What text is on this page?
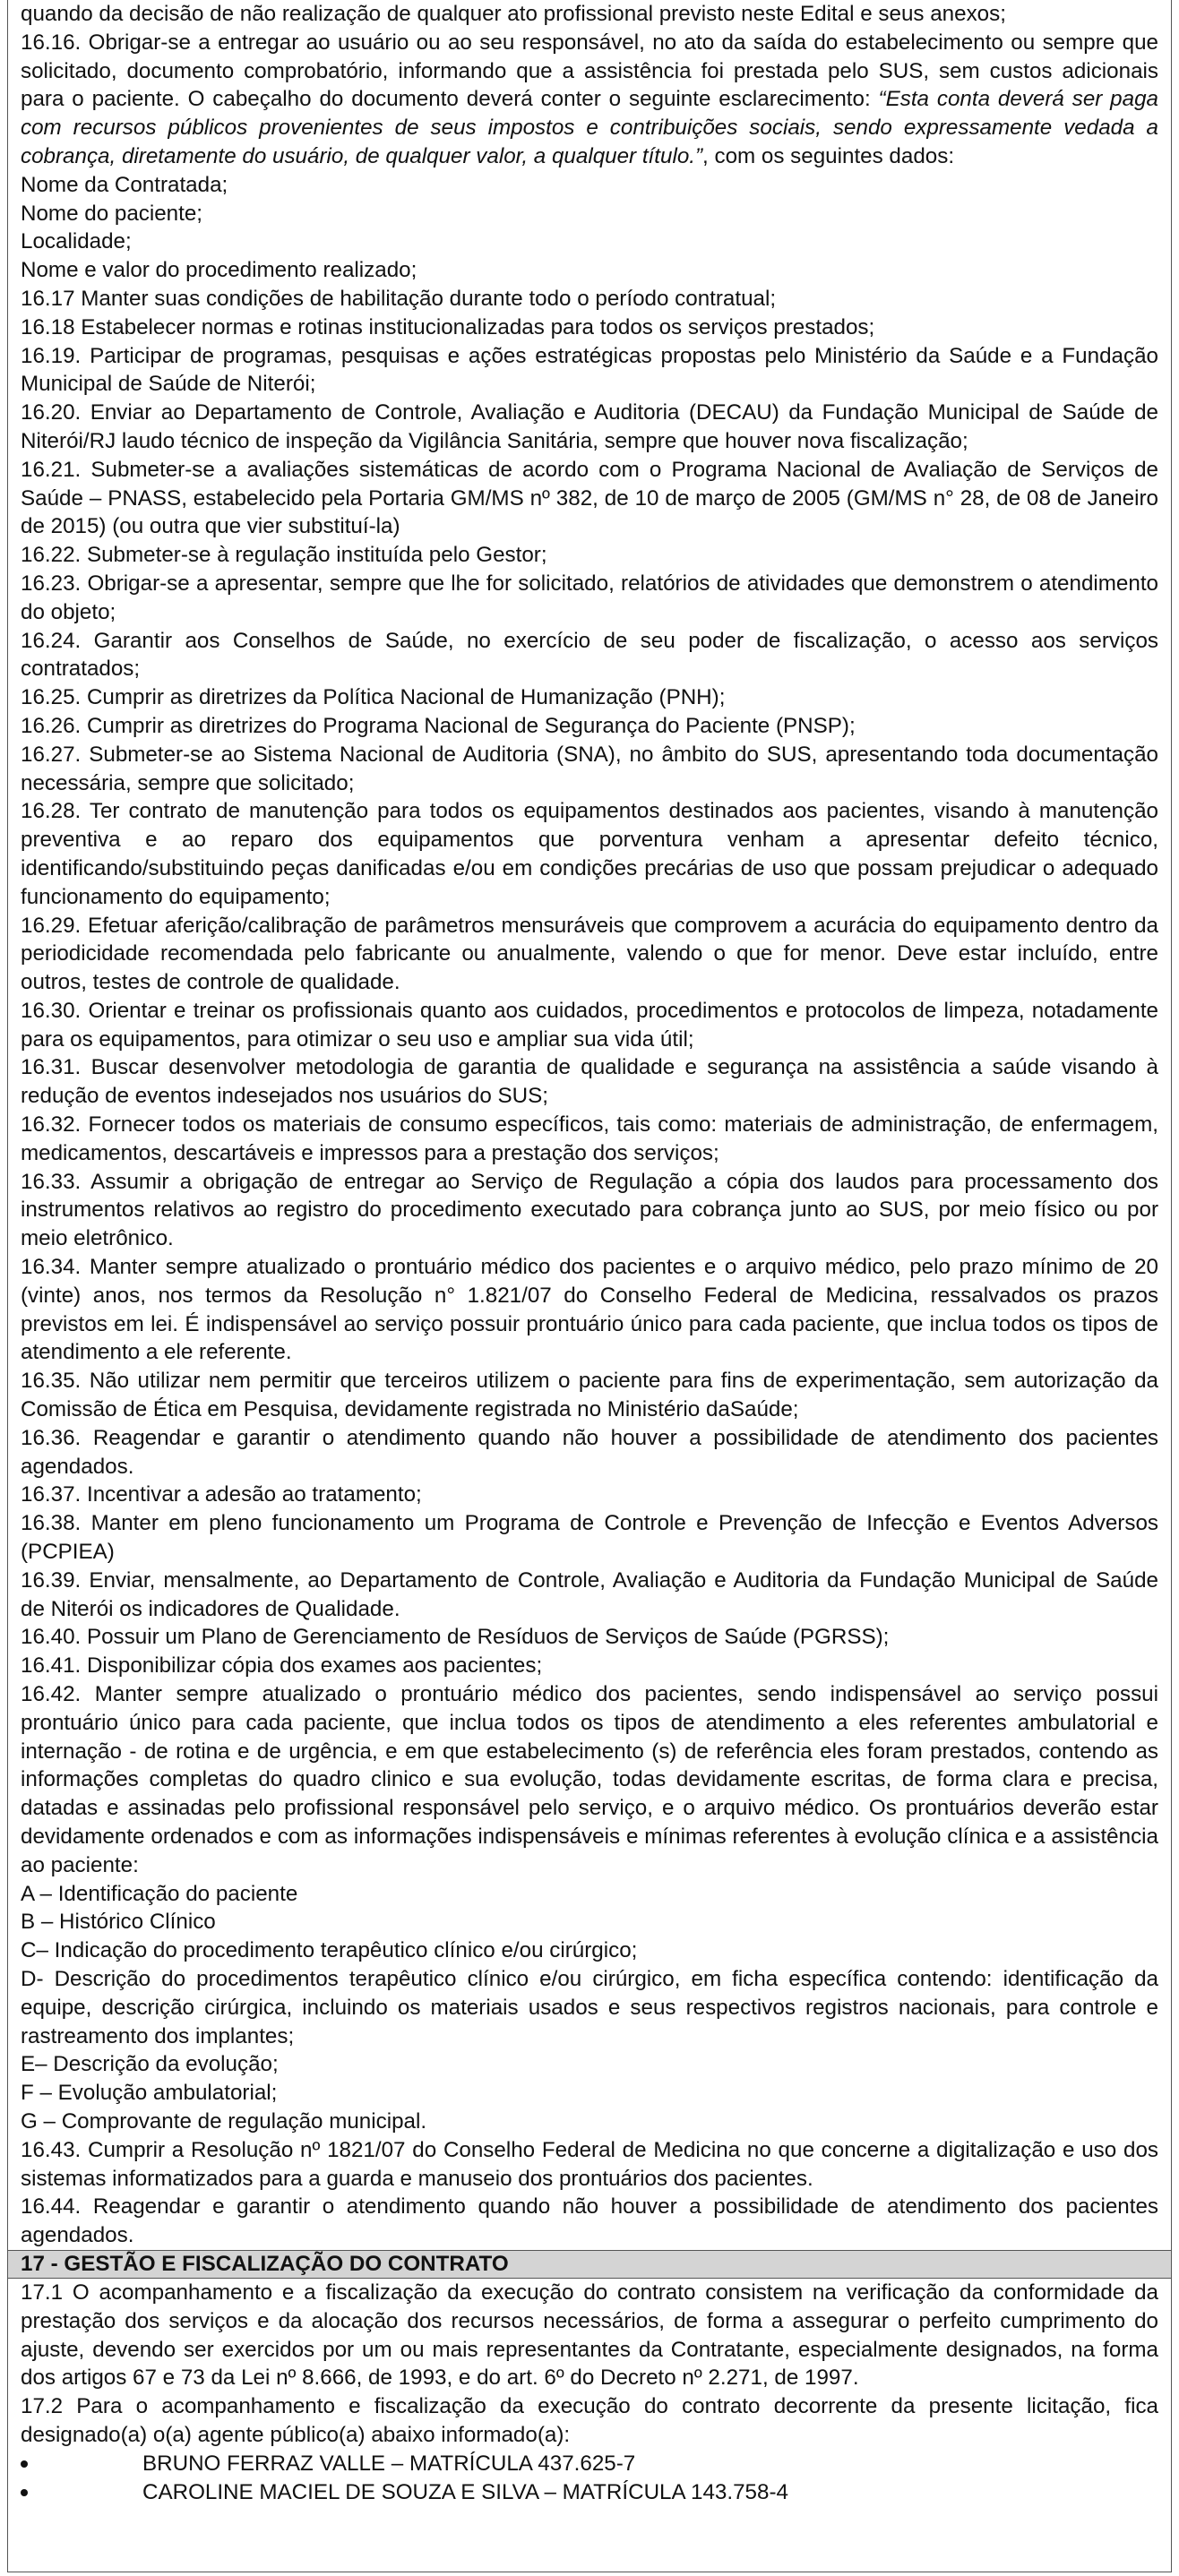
quando da decisão de não realização de qualquer ato profissional previsto neste Edital e seus anexos;

16.16. Obrigar-se a entregar ao usuário ou ao seu responsável, no ato da saída do estabelecimento ou sempre que solicitado, documento comprobatório, informando que a assistência foi prestada pelo SUS, sem custos adicionais para o paciente. O cabeçalho do documento deverá conter o seguinte esclarecimento: “Esta conta deverá ser paga com recursos públicos provenientes de seus impostos e contribuições sociais, sendo expressamente vedada a cobrança, diretamente do usuário, de qualquer valor, a qualquer título.”, com os seguintes dados:

Nome da Contratada;

Nome do paciente;

Localidade;

Nome e valor do procedimento realizado;

16.17 Manter suas condições de habilitação durante todo o período contratual;

16.18 Estabelecer normas e rotinas institucionalizadas para todos os serviços prestados;

16.19. Participar de programas, pesquisas e ações estratégicas propostas pelo Ministério da Saúde e a Fundação Municipal de Saúde de Niterói;

16.20. Enviar ao Departamento de Controle, Avaliação e Auditoria (DECAU) da Fundação Municipal de Saúde de Niterói/RJ laudo técnico de inspeção da Vigilância Sanitária, sempre que houver nova fiscalização;

16.21. Submeter-se a avaliações sistemáticas de acordo com o Programa Nacional de Avaliação de Serviços de Saúde – PNASS, estabelecido pela Portaria GM/MS nº 382, de 10 de março de 2005 (GM/MS n° 28, de 08 de Janeiro de 2015) (ou outra que vier substituí-la)

16.22. Submeter-se à regulação instituída pelo Gestor;

16.23. Obrigar-se a apresentar, sempre que lhe for solicitado, relatórios de atividades que demonstrem o atendimento do objeto;

16.24. Garantir aos Conselhos de Saúde, no exercício de seu poder de fiscalização, o acesso aos serviços contratados;

16.25. Cumprir as diretrizes da Política Nacional de Humanização (PNH);

16.26. Cumprir as diretrizes do Programa Nacional de Segurança do Paciente (PNSP);

16.27. Submeter-se ao Sistema Nacional de Auditoria (SNA), no âmbito do SUS, apresentando toda documentação necessária, sempre que solicitado;

16.28. Ter contrato de manutenção para todos os equipamentos destinados aos pacientes, visando à manutenção preventiva e ao reparo dos equipamentos que porventura venham a apresentar defeito técnico, identificando/substituindo peças danificadas e/ou em condições precárias de uso que possam prejudicar o adequado funcionamento do equipamento;

16.29. Efetuar aferição/calibração de parâmetros mensuráveis que comprovem a acurácia do equipamento dentro da periodicidade recomendada pelo fabricante ou anualmente, valendo o que for menor. Deve estar incluído, entre outros, testes de controle de qualidade.

16.30. Orientar e treinar os profissionais quanto aos cuidados, procedimentos e protocolos de limpeza, notadamente para os equipamentos, para otimizar o seu uso e ampliar sua vida útil;

16.31. Buscar desenvolver metodologia de garantia de qualidade e segurança na assistência a saúde visando à redução de eventos indesejados nos usuários do SUS;

16.32. Fornecer todos os materiais de consumo específicos, tais como: materiais de administração, de enfermagem, medicamentos, descartáveis e impressos para a prestação dos serviços;

16.33. Assumir a obrigação de entregar ao Serviço de Regulação a cópia dos laudos para processamento dos instrumentos relativos ao registro do procedimento executado para cobrança junto ao SUS, por meio físico ou por meio eletrônico.

16.34. Manter sempre atualizado o prontuário médico dos pacientes e o arquivo médico, pelo prazo mínimo de 20 (vinte) anos, nos termos da Resolução n° 1.821/07 do Conselho Federal de Medicina, ressalvados os prazos previstos em lei. É indispensável ao serviço possuir prontuário único para cada paciente, que inclua todos os tipos de atendimento a ele referente.

16.35. Não utilizar nem permitir que terceiros utilizem o paciente para fins de experimentação, sem autorização da Comissão de Ética em Pesquisa, devidamente registrada no Ministério daSaúde;

16.36. Reagendar e garantir o atendimento quando não houver a possibilidade de atendimento dos pacientes agendados.

16.37. Incentivar a adesão ao tratamento;

16.38. Manter em pleno funcionamento um Programa de Controle e Prevenção de Infecção e Eventos Adversos (PCPIEA)

16.39. Enviar, mensalmente, ao Departamento de Controle, Avaliação e Auditoria da Fundação Municipal de Saúde de Niterói os indicadores de Qualidade.

16.40. Possuir um Plano de Gerenciamento de Resíduos de Serviços de Saúde (PGRSS);

16.41. Disponibilizar cópia dos exames aos pacientes;

16.42. Manter sempre atualizado o prontuário médico dos pacientes, sendo indispensável ao serviço possui prontuário único para cada paciente, que inclua todos os tipos de atendimento a eles referentes ambulatorial e internação - de rotina e de urgência, e em que estabelecimento (s) de referência eles foram prestados, contendo as informações completas do quadro clinico e sua evolução, todas devidamente escritas, de forma clara e precisa, datadas e assinadas pelo profissional responsável pelo serviço, e o arquivo médico. Os prontuários deverão estar devidamente ordenados e com as informações indispensáveis e mínimas referentes à evolução clínica e a assistência ao paciente:

A – Identificação do paciente

B – Histórico Clínico

C– Indicação do procedimento terapêutico clínico e/ou cirúrgico;

D- Descrição do procedimentos terapêutico clínico e/ou cirúrgico, em ficha específica contendo: identificação da equipe, descrição cirúrgica, incluindo os materiais usados e seus respectivos registros nacionais, para controle e rastreamento dos implantes;

E– Descrição da evolução;

F – Evolução ambulatorial;

G – Comprovante de regulação municipal.

16.43. Cumprir a Resolução nº 1821/07 do Conselho Federal de Medicina no que concerne a digitalização e uso dos sistemas informatizados para a guarda e manuseio dos prontuários dos pacientes.

16.44. Reagendar e garantir o atendimento quando não houver a possibilidade de atendimento dos pacientes agendados.

17 - GESTÃO E FISCALIZAÇÃO DO CONTRATO

17.1 O acompanhamento e a fiscalização da execução do contrato consistem na verificação da conformidade da prestação dos serviços e da alocação dos recursos necessários, de forma a assegurar o perfeito cumprimento do ajuste, devendo ser exercidos por um ou mais representantes da Contratante, especialmente designados, na forma dos artigos 67 e 73 da Lei nº 8.666, de 1993, e do art. 6º do Decreto nº 2.271, de 1997.

17.2 Para o acompanhamento e fiscalização da execução do contrato decorrente da presente licitação, fica designado(a) o(a) agente público(a) abaixo informado(a):

BRUNO FERRAZ VALLE – MATRÍCULA 437.625-7

CAROLINE MACIEL DE SOUZA E SILVA – MATRÍCULA 143.758-4
